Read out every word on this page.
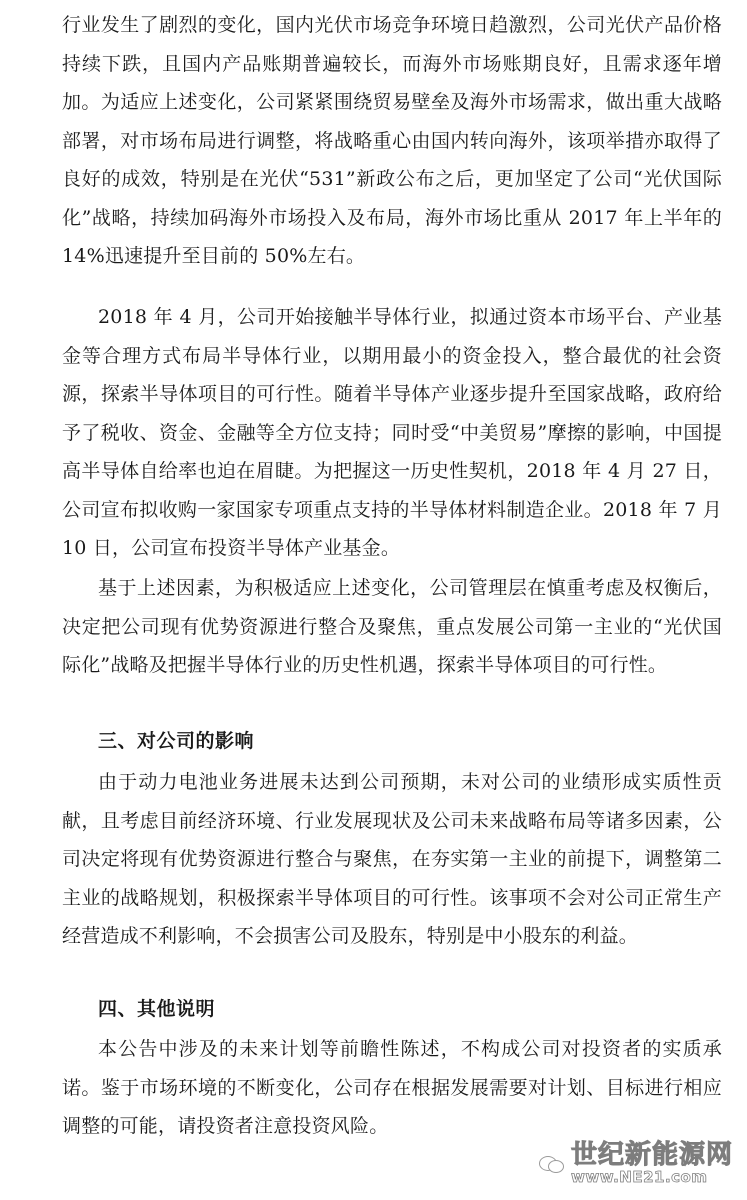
行业发生了剧烈的变化，国内光伏市场竞争环境日趋激烈，公司光伏产品价格持续下跌，且国内产品账期普遍较长，而海外市场账期良好，且需求逐年增加。为适应上述变化，公司紧紧围绕贸易壁垒及海外市场需求，做出重大战略部署，对市场布局进行调整，将战略重心由国内转向海外，该项举措亦取得了良好的成效，特别是在光伏“531”新政公布之后，更加坚定了公司“光伏国际化”战略，持续加码海外市场投入及布局，海外市场比重从 2017 年上半年的 14%迅速提升至目前的 50%左右。

2018 年 4 月，公司开始接触半导体行业，拟通过资本市场平台、产业基金等合理方式布局半导体行业，以期用最小的资金投入，整合最优的社会资源，探索半导体项目的可行性。随着半导体产业逐步提升至国家战略，政府给予了税收、资金、金融等全方位支持；同时受“中美贸易”摩擦的影响，中国提高半导体自给率也迫在眉睫。为把握这一历史性契机，2018 年 4 月 27 日，公司宣布拟收购一家国家专项重点支持的半导体材料制造企业。2018 年 7 月 10 日，公司宣布投资半导体产业基金。

基于上述因素，为积极适应上述变化，公司管理层在慎重考虑及权衡后，决定把公司现有优势资源进行整合及聚焦，重点发展公司第一主业的“光伏国际化”战略及把握半导体行业的历史性机遇，探索半导体项目的可行性。

三、对公司的影响

由于动力电池业务进展未达到公司预期，未对公司的业绩形成实质性贡献，且考虑目前经济环境、行业发展现状及公司未来战略布局等诸多因素，公司决定将现有优势资源进行整合与聚焦，在夯实第一主业的前提下，调整第二主业的战略规划，积极探索半导体项目的可行性。该事项不会对公司正常生产经营造成不利影响，不会损害公司及股东，特别是中小股东的利益。

四、其他说明

本公告中涉及的未来计划等前瞻性陈述，不构成公司对投资者的实质承诺。鉴于市场环境的不断变化，公司存在根据发展需要对计划、目标进行相应调整的可能，请投资者注意投资风险。

世纪新能源网
www.NE21.com
